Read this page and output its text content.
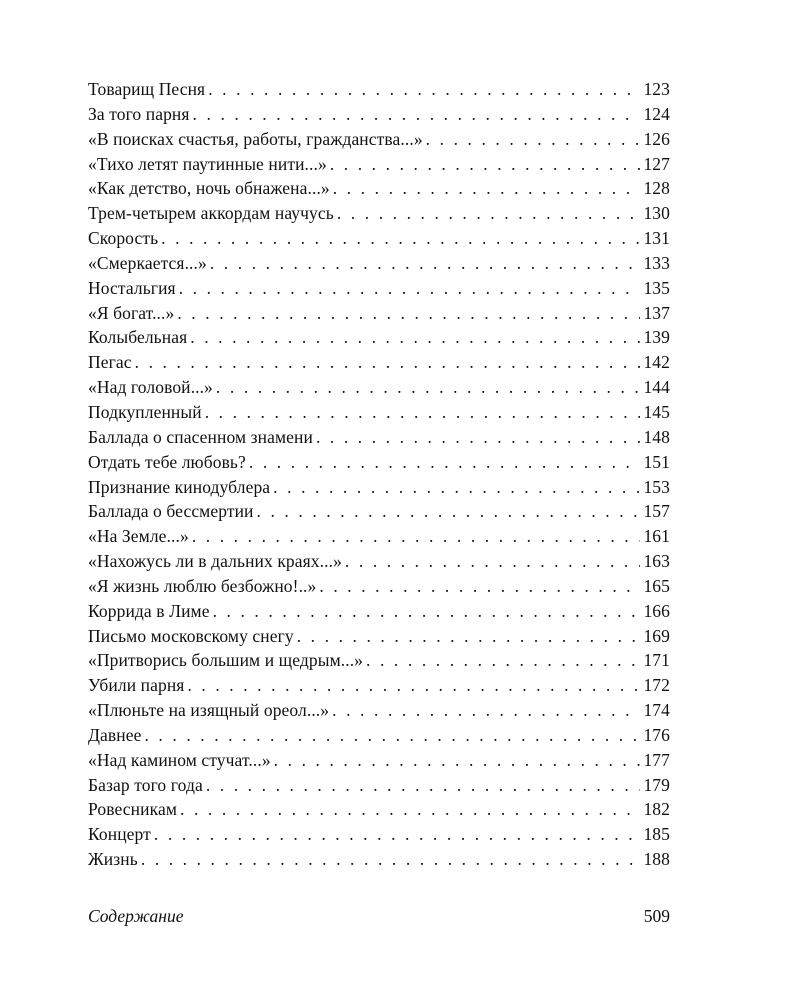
Товарищ Песня . . .	123
За того парня . . .	124
«В поисках счастья, работы, гражданства...» . . .	126
«Тихо летят паутинные нити...» . . .	127
«Как детство, ночь обнажена...» . . .	128
Трем-четырем аккордам научусь . . .	130
Скорость . . .	131
«Смеркается...» . . .	133
Ностальгия . . .	135
«Я богат...» . . .	137
Колыбельная . . .	139
Пегас . . .	142
«Над головой...» . . .	144
Подкупленный . . .	145
Баллада о спасенном знамени . . .	148
Отдать тебе любовь? . . .	151
Признание кинодублера . . .	153
Баллада о бессмертии . . .	157
«На Земле...» . . .	161
«Нахожусь ли в дальних краях...» . . .	163
«Я жизнь люблю безбожно!..» . . .	165
Коррида в Лиме . . .	166
Письмо московскому снегу . . .	169
«Притворись большим и щедрым...» . . .	171
Убили парня . . .	172
«Плюньте на изящный ореол...» . . .	174
Давнее . . .	176
«Над камином стучат...» . . .	177
Базар того года . . .	179
Ровесникам . . .	182
Концерт . . .	185
Жизнь . . .	188
Содержание	509
